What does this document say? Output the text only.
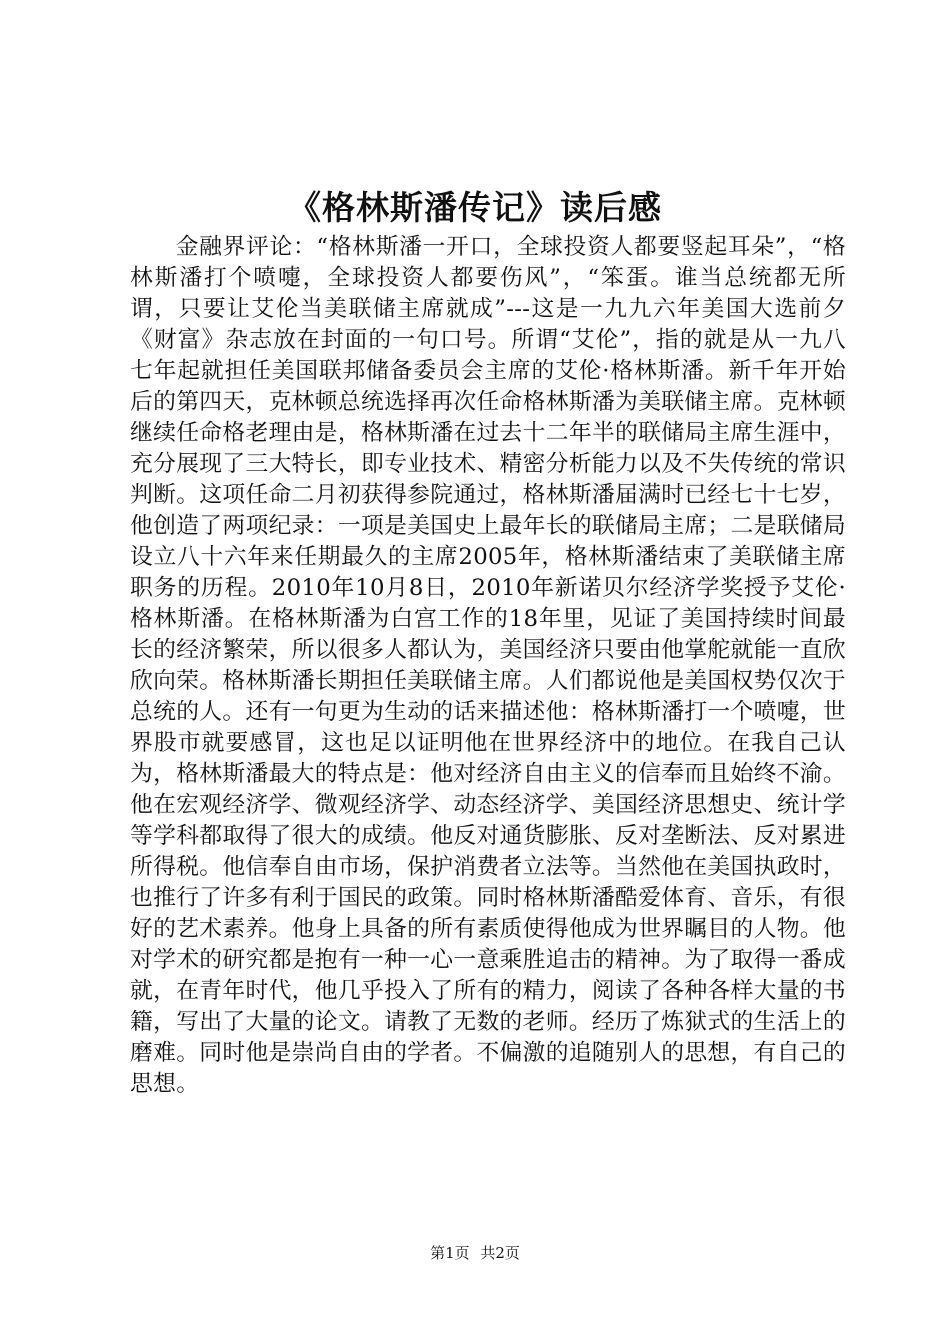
《格林斯潘传记》读后感

金融界评论：“格林斯潘一开口，全球投资人都要竖起耳朵”，“格林斯潘打个喷嚏，全球投资人都要伤风”，“笨蛋。谁当总统都无所谓，只要让艾伦当美联储主席就成”---这是一九九六年美国大选前夕《财富》杂志放在封面的一句口号。所谓“艾伦”，指的就是从一九八七年起就担任美国联邦储备委员会主席的艾伦·格林斯潘。新千年开始后的第四天，克林顿总统选择再次任命格林斯潘为美联储主席。克林顿继续任命格老理由是，格林斯潘在过去十二年半的联储局主席生涯中，充分展现了三大特长，即专业技术、精密分析能力以及不失传统的常识判断。这项任命二月初获得参院通过，格林斯潘届满时已经七十七岁，他创造了两项纪录：一项是美国史上最年长的联储局主席；二是联储局设立八十六年来任期最久的主席2005年，格林斯潘结束了美联储主席职务的历程。2010年10月8日，2010年新诺贝尔经济学奖授予艾伦·格林斯潘。在格林斯潘为白宫工作的18年里，见证了美国持续时间最长的经济繁荣，所以很多人都认为，美国经济只要由他掌舵就能一直欣欣向荣。格林斯潘长期担任美联储主席。人们都说他是美国权势仅次于总统的人。还有一句更为生动的话来描述他：格林斯潘打一个喷嚏，世界股市就要感冒，这也足以证明他在世界经济中的地位。在我自己认为，格林斯潘最大的特点是：他对经济自由主义的信奉而且始终不渝。他在宏观经济学、微观经济学、动态经济学、美国经济思想史、统计学等学科都取得了很大的成绩。他反对通货膨胀、反对垄断法、反对累进所得税。他信奉自由市场，保护消费者立法等。当然他在美国执政时，也推行了许多有利于国民的政策。同时格林斯潘酷爱体育、音乐，有很好的艺术素养。他身上具备的所有素质使得他成为世界瞩目的人物。他对学术的研究都是抱有一种一心一意乘胜追击的精神。为了取得一番成就，在青年时代，他几乎投入了所有的精力，阅读了各种各样大量的书籍，写出了大量的论文。请教了无数的老师。经历了炼狱式的生活上的磨难。同时他是崇尚自由的学者。不偏激的追随别人的思想，有自己的思想。

第1页 共2页
